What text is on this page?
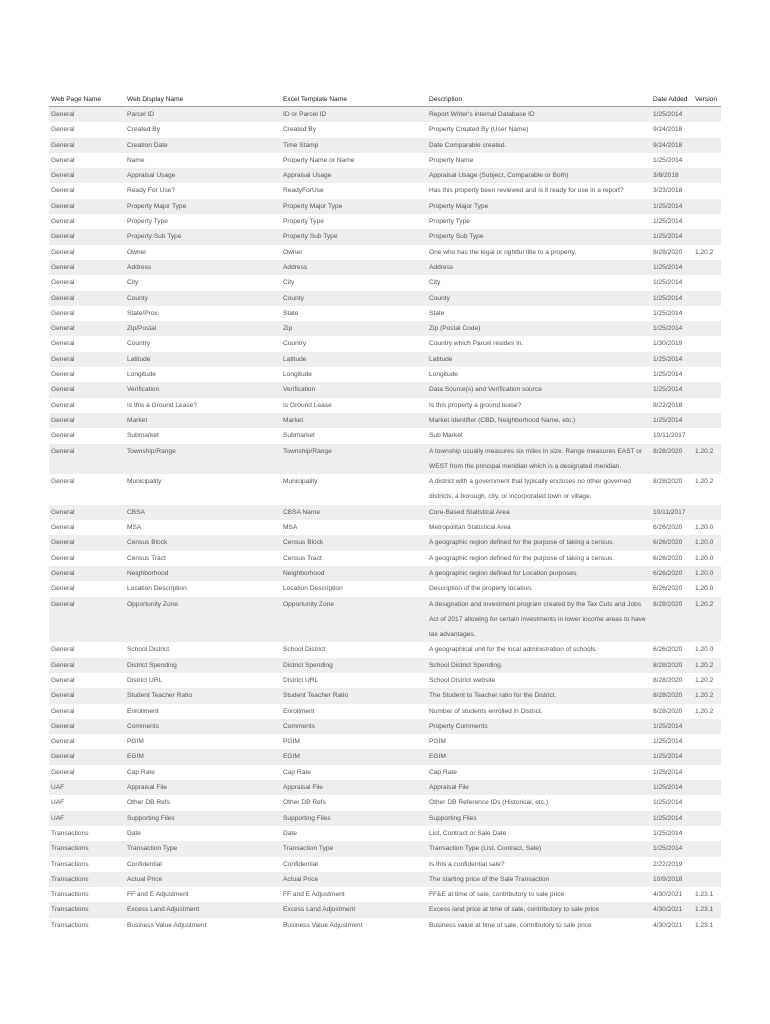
Web Page Name	Web Display Name	Excel Template Name	Description	Date Added	Version
General	Parcel ID	ID or Parcel ID	Report Writer's internal Database ID	1/25/2014	
General	Created By	Created By	Property Created By (User Name)	9/24/2018	
General	Creation Date	Time Stamp	Date Comparable created.	9/24/2018	
General	Name	Property Name or Name	Property Name	1/25/2014	
General	Appraisal Usage	Appraisal Usage	Appraisal Usage (Subject, Comparable or Both)	3/8/2018	
General	Ready For Use?	ReadyForUse	Has this property been reviewed and is it ready for use in a report?	3/23/2018	
General	Property Major Type	Property Major Type	Property Major Type	1/25/2014	
General	Property Type	Property Type	Property Type	1/25/2014	
General	Property Sub Type	Property Sub Type	Property Sub Type	1/25/2014	
General	Owner	Owner	One who has the legal or rightful title to a property.	8/28/2020	1.20.2
General	Address	Address	Address	1/25/2014	
General	City	City	City	1/25/2014	
General	County	County	County	1/25/2014	
General	State/Prov.	State	State	1/25/2014	
General	Zip/Postal	Zip	Zip (Postal Code)	1/25/2014	
General	Country	Country	Country which Parcel resides in.	1/30/2019	
General	Latitude	Latitude	Latitude	1/25/2014	
General	Longitude	Longitude	Longitude	1/25/2014	
General	Verification	Verification	Data Source(s) and Verification source	1/25/2014	
General	Is this a Ground Lease?	Is Ground Lease	Is this property a ground lease?	8/22/2018	
General	Market	Market	Market Identifier (CBD, Neighborhood Name, etc.)	1/25/2014	
General	Submarket	Submarket	Sub Market	10/11/2017	
General	Township/Range	Township/Range	A township usually measures six miles in size. Range measures EAST or WEST from the principal meridian which is a designated meridian.	8/28/2020	1.20.2
General	Municipality	Municipality	A district with a government that typically encloses no other governed districts; a borough, city, or incorporated town or village.	8/28/2020	1.20.2
General	CBSA	CBSA Name	Core-Based Statistical Area	10/11/2017	
General	MSA	MSA	Metropolitan Statistical Area	6/26/2020	1.20.0
General	Census Block	Census Block	A geographic region defined for the purpose of taking a census.	6/26/2020	1.20.0
General	Census Tract	Census Tract	A geographic region defined for the purpose of taking a census.	6/26/2020	1.20.0
General	Neighborhood	Neighborhood	A geographic region defined for Location purposes.	6/26/2020	1.20.0
General	Location Description	Location Description	Description of the property location.	6/26/2020	1.20.0
General	Opportunity Zone	Opportunity Zone	A designation and investment program created by the Tax Cuts and Jobs Act of 2017 allowing for certain investments in lower income areas to have tax advantages.	8/28/2020	1.20.2
General	School District	School District	A geographical unit for the local administration of schools.	6/26/2020	1.20.0
General	District Spending	District Spending	School District Spending.	8/28/2020	1.20.2
General	District URL	District URL	School District website	8/28/2020	1.20.2
General	Student Teacher Ratio	Student Teacher Ratio	The Student to Teacher ratio for the District.	8/28/2020	1.20.2
General	Enrollment	Enrollment	Number of students enrolled in District.	8/28/2020	1.20.2
General	Comments	Comments	Property Comments	1/25/2014	
General	PGIM	PGIM	PGIM	1/25/2014	
General	EGIM	EGIM	EGIM	1/25/2014	
General	Cap Rate	Cap Rate	Cap Rate	1/25/2014	
UAF	Appraisal File	Appraisal File	Appraisal File	1/25/2014	
UAF	Other DB Refs	Other DB Refs	Other DB Reference IDs (Historical, etc.)	1/25/2014	
UAF	Supporting Files	Supporting Files	Supporting Files	1/25/2014	
Transactions	Date	Date	List, Contract or Sale Date	1/25/2014	
Transactions	Transaction Type	Transaction Type	Transaction Type (List, Contract, Sale)	1/25/2014	
Transactions	Confidential	Confidential	Is this a confidential sale?	2/22/2019	
Transactions	Actual Price	Actual Price	The starting price of the Sale Transaction	10/9/2018	
Transactions	FF and E Adjustment	FF and E Adjustment	FF&E at time of sale, contributory to sale price	4/30/2021	1.23.1
Transactions	Excess Land Adjustment	Excess Land Adjustment	Excess land price at time of sale, contributory to sale price	4/30/2021	1.23.1
Transactions	Business Value Adjustment	Business Value Adjustment	Business value at time of sale, contributory to sale price	4/30/2021	1.23.1
